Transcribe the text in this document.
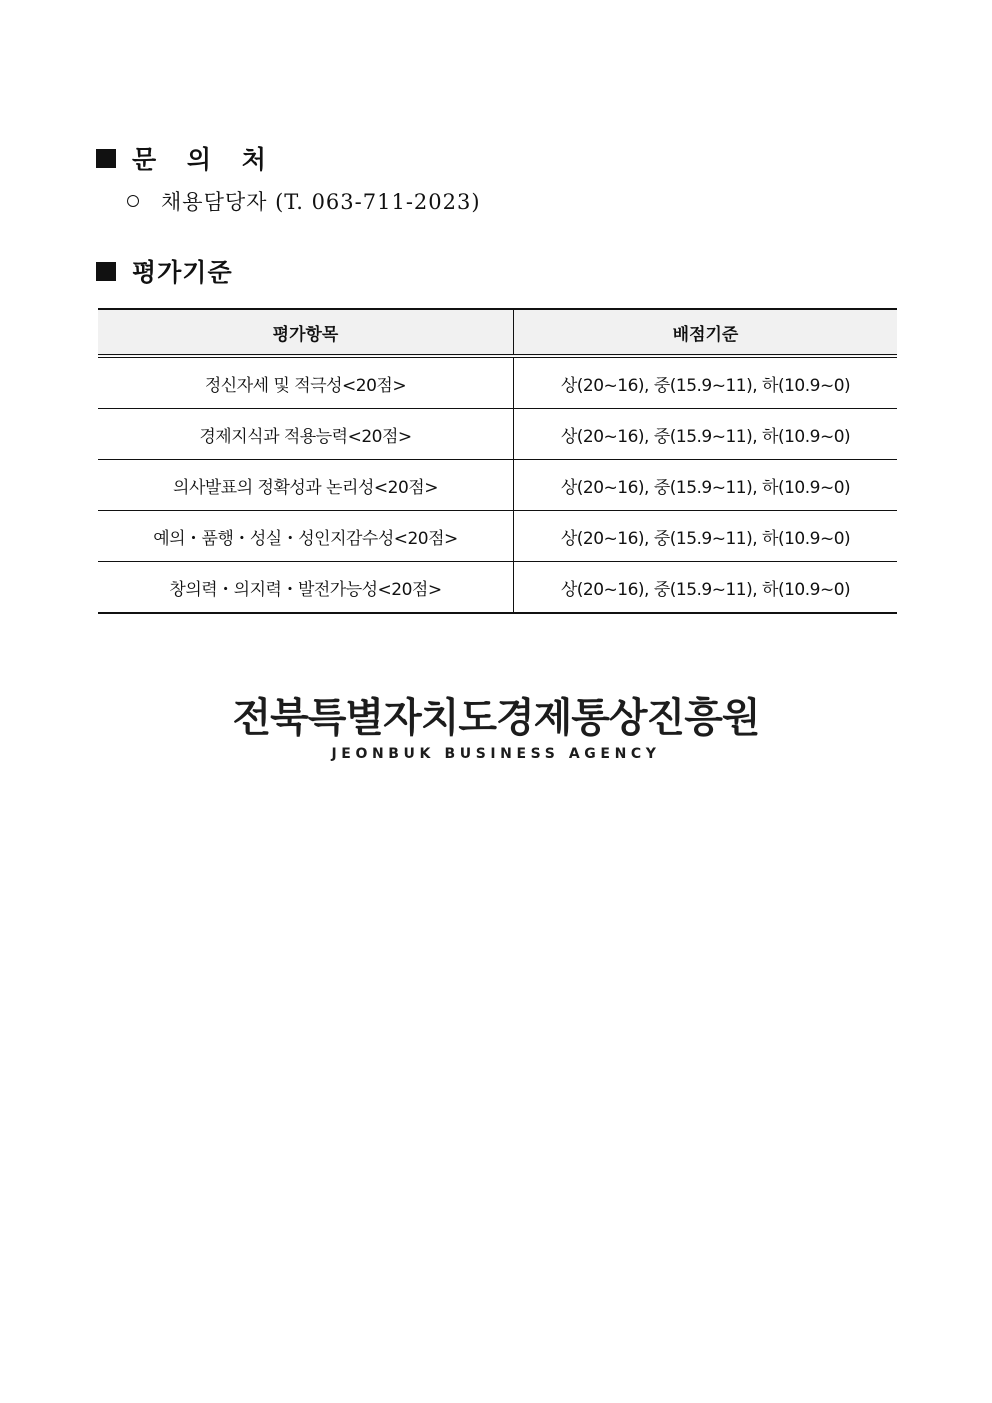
문 의 처
채용담당자 (T. 063-711-2023)
평가기준
평가항목	배점기준
정신자세 및 적극성<20점>	상(20~16), 중(15.9~11), 하(10.9~0)
경제지식과 적용능력<20점>	상(20~16), 중(15.9~11), 하(10.9~0)
의사발표의 정확성과 논리성<20점>	상(20~16), 중(15.9~11), 하(10.9~0)
예의・품행・성실・성인지감수성<20점>	상(20~16), 중(15.9~11), 하(10.9~0)
창의력・의지력・발전가능성<20점>	상(20~16), 중(15.9~11), 하(10.9~0)
전북특별자치도경제통상진흥원
JEONBUK BUSINESS AGENCY
